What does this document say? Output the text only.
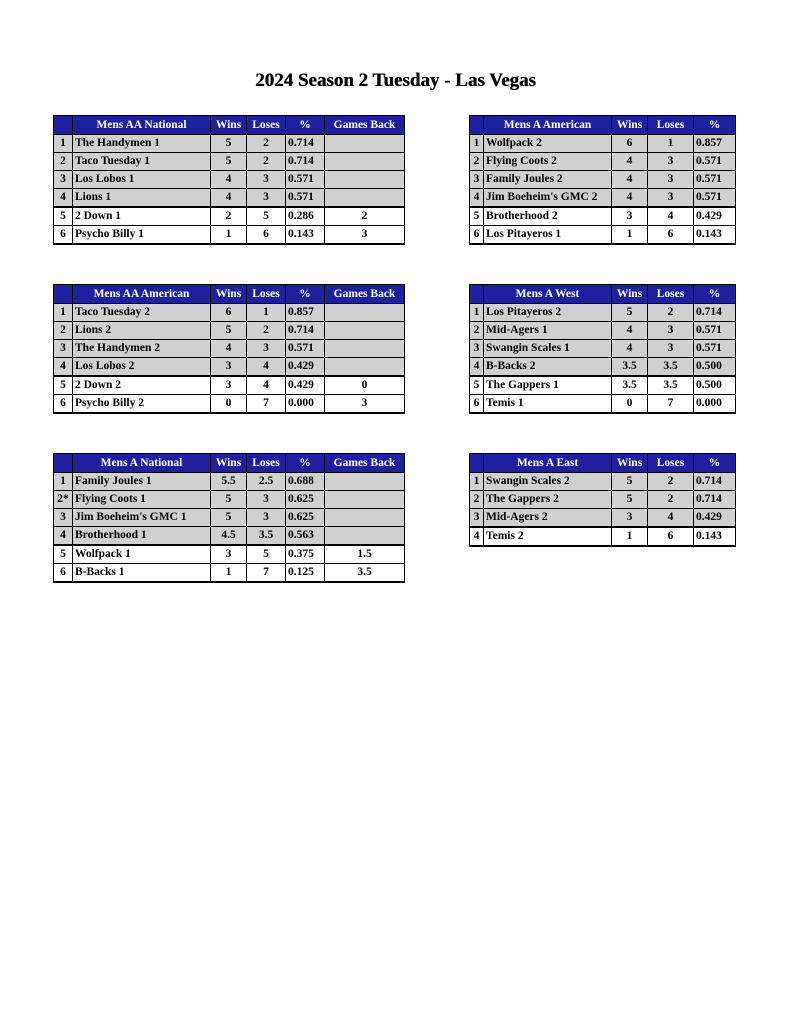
2024 Season 2 Tuesday - Las Vegas
	Mens AA National	Wins	Loses	%	Games Back
1	The Handymen 1	5	2	0.714	
2	Taco Tuesday 1	5	2	0.714	
3	Los Lobos 1	4	3	0.571	
4	Lions 1	4	3	0.571	
5	2 Down 1	2	5	0.286	2
6	Psycho Billy 1	1	6	0.143	3
	Mens A American	Wins	Loses	%
1	Wolfpack 2	6	1	0.857
2	Flying Coots 2	4	3	0.571
3	Family Joules 2	4	3	0.571
4	Jim Boeheim's GMC 2	4	3	0.571
5	Brotherhood 2	3	4	0.429
6	Los Pitayeros 1	1	6	0.143
	Mens AA American	Wins	Loses	%	Games Back
1	Taco Tuesday 2	6	1	0.857	
2	Lions 2	5	2	0.714	
3	The Handymen 2	4	3	0.571	
4	Los Lobos 2	3	4	0.429	
5	2 Down 2	3	4	0.429	0
6	Psycho Billy 2	0	7	0.000	3
	Mens A West	Wins	Loses	%
1	Los Pitayeros 2	5	2	0.714
2	Mid-Agers 1	4	3	0.571
3	Swangin Scales 1	4	3	0.571
4	B-Backs 2	3.5	3.5	0.500
5	The Gappers 1	3.5	3.5	0.500
6	Temis 1	0	7	0.000
	Mens A National	Wins	Loses	%	Games Back
1	Family Joules 1	5.5	2.5	0.688	
2*	Flying Coots 1	5	3	0.625	
3	Jim Boeheim's GMC 1	5	3	0.625	
4	Brotherhood 1	4.5	3.5	0.563	
5	Wolfpack 1	3	5	0.375	1.5
6	B-Backs 1	1	7	0.125	3.5
	Mens A East	Wins	Loses	%
1	Swangin Scales 2	5	2	0.714
2	The Gappers 2	5	2	0.714
3	Mid-Agers 2	3	4	0.429
4	Temis 2	1	6	0.143
